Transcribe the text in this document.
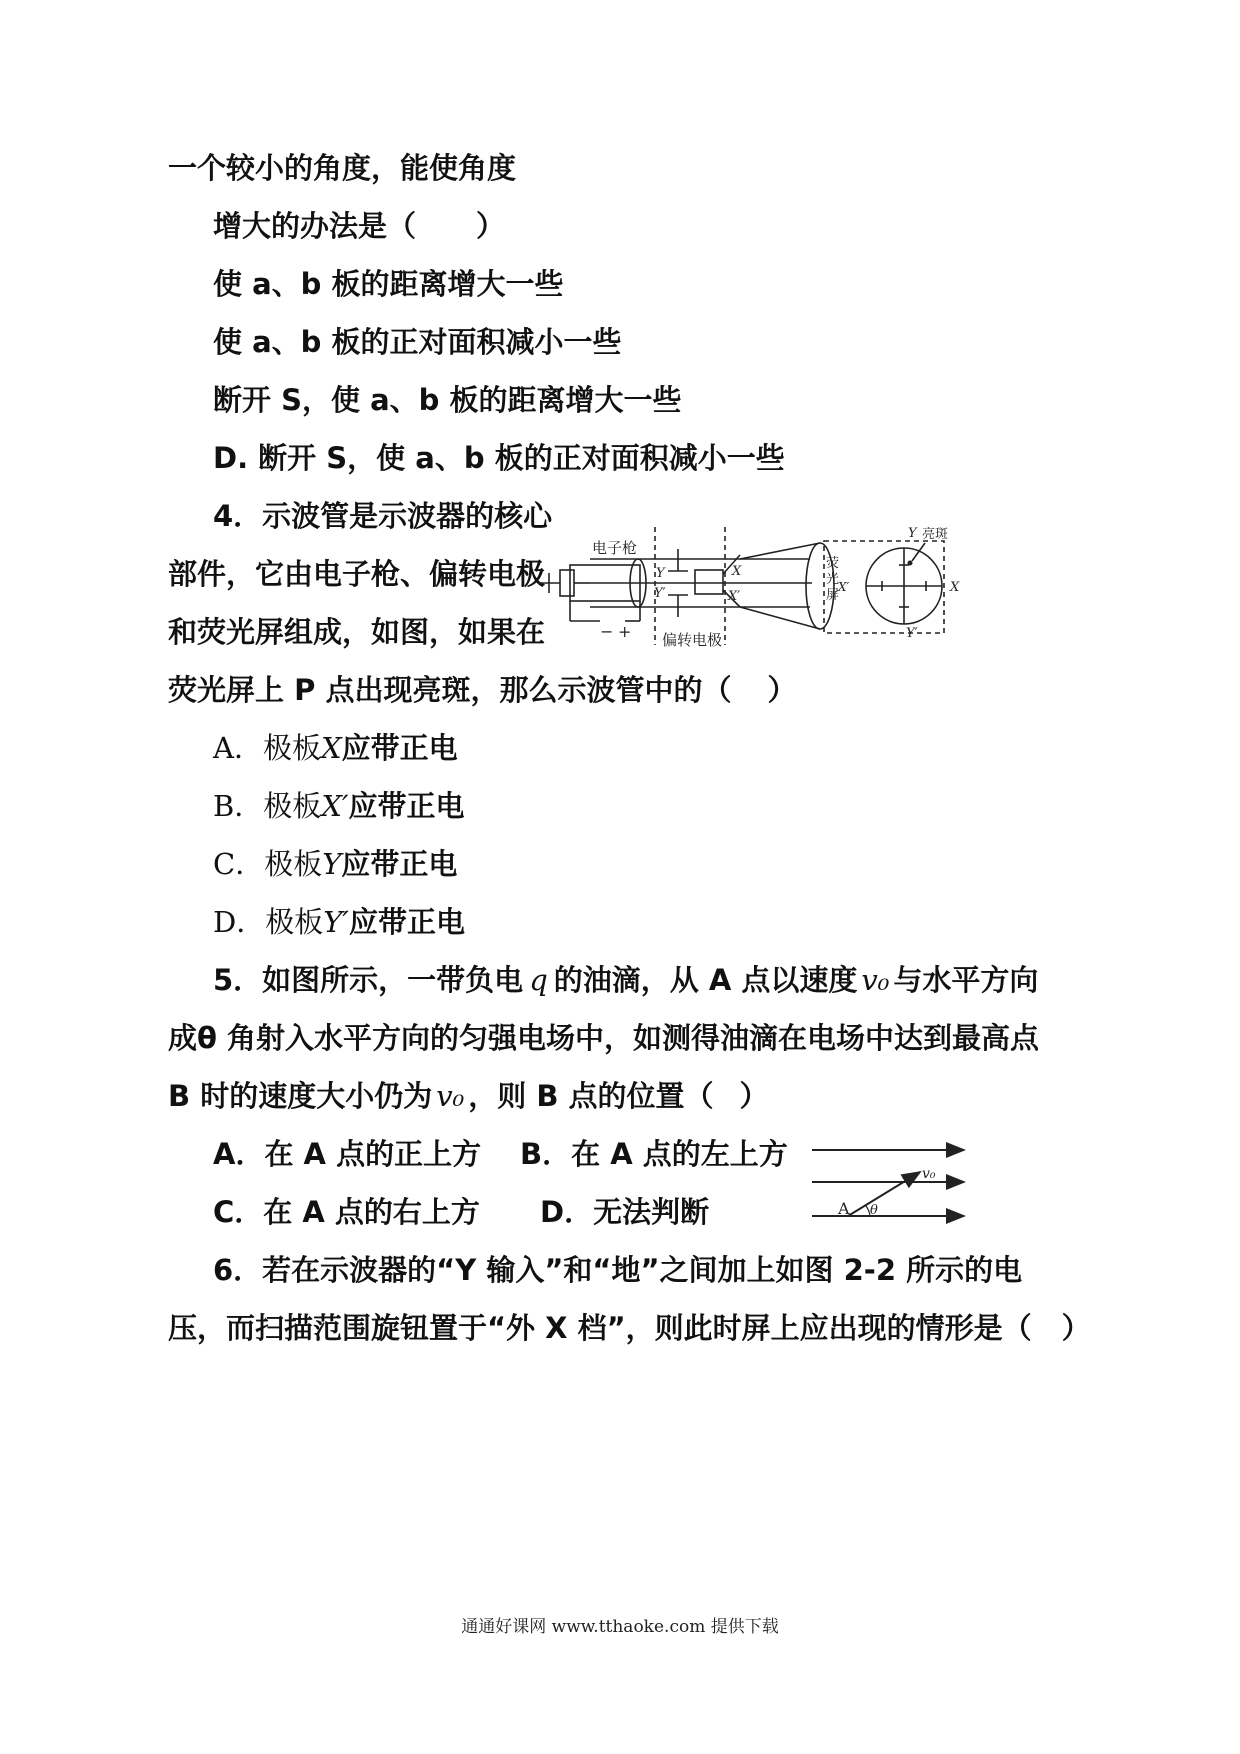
一个较小的角度，能使角度
增大的办法是（ ）
使 a、b 板的距离增大一些
使 a、b 板的正对面积减小一些
断开 S，使 a、b 板的距离增大一些
D. 断开 S，使 a、b 板的正对面积减小一些
4．示波管是示波器的核心
部件，它由电子枪、偏转电极
和荧光屏组成，如图，如果在
荧光屏上 P 点出现亮斑，那么示波管中的（ ）
电子枪
偏转电极
− +
Y
Y′
X
X′
荧
光
屏
X′
Y 亮斑
X
Y′
A．极板X应带正电
B．极板X′应带正电
C．极板Y应带正电
D．极板Y′应带正电
5．如图所示，一带负电 q 的油滴，从 A 点以速度 v₀ 与水平方向
成θ 角射入水平方向的匀强电场中，如测得油滴在电场中达到最高点
B 时的速度大小仍为 v₀ ，则 B 点的位置（ ）
A．在 A 点的正上方 B．在 A 点的左上方
C．在 A 点的右上方 D．无法判断	A θ
v₀
6．若在示波器的“Y 输入”和“地”之间加上如图 2-2 所示的电
压，而扫描范围旋钮置于“外 X 档”，则此时屏上应出现的情形是（ ）
通通好课网 www.tthaoke.com 提供下载
